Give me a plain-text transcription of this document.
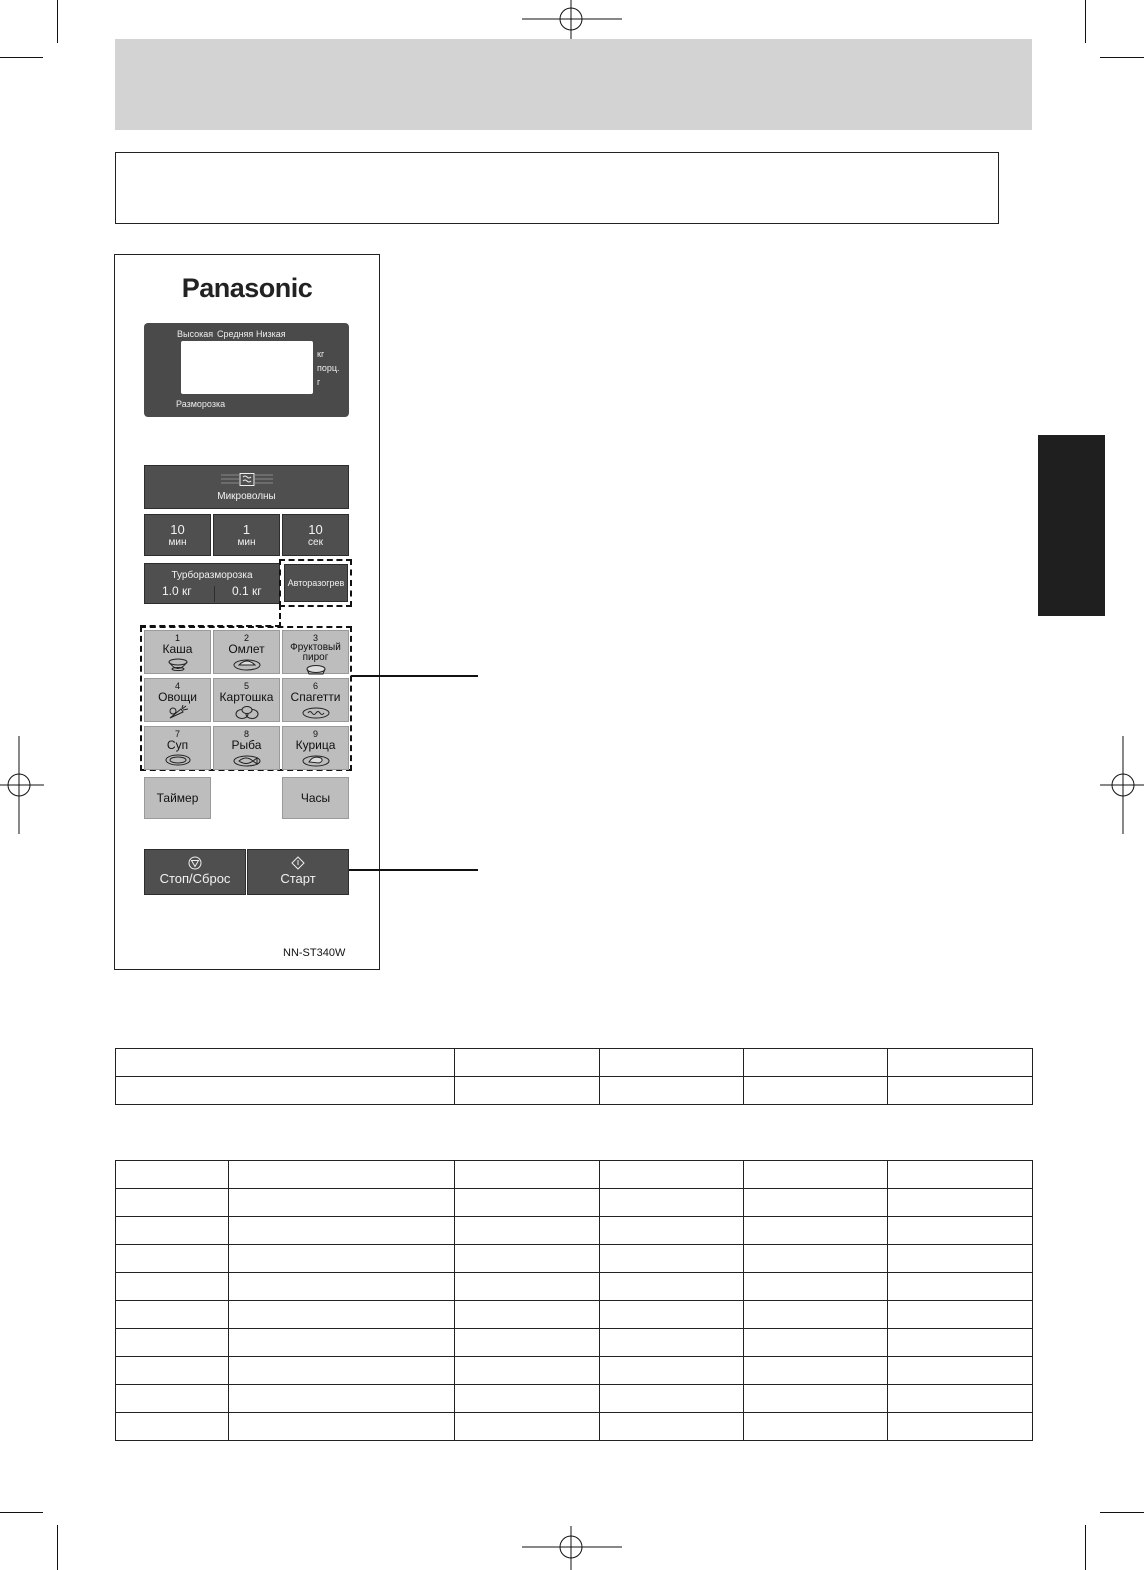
Panasonic
Высокая Средняя Низкая
кг
порц.
г
Разморозка
Микроволны
10
мин
1
мин
10
сек
Турборазморозка
1.0 кг	0.1 кг
Авторазогрев
1
Каша
2
Омлет
3
Фруктовый пирог
4
Овощи
5
Картошка
6
Спагетти
7
Суп
8
Рыба
9
Курица
Таймер	Часы
Стоп/Сброс	Старт
NN-ST340W
